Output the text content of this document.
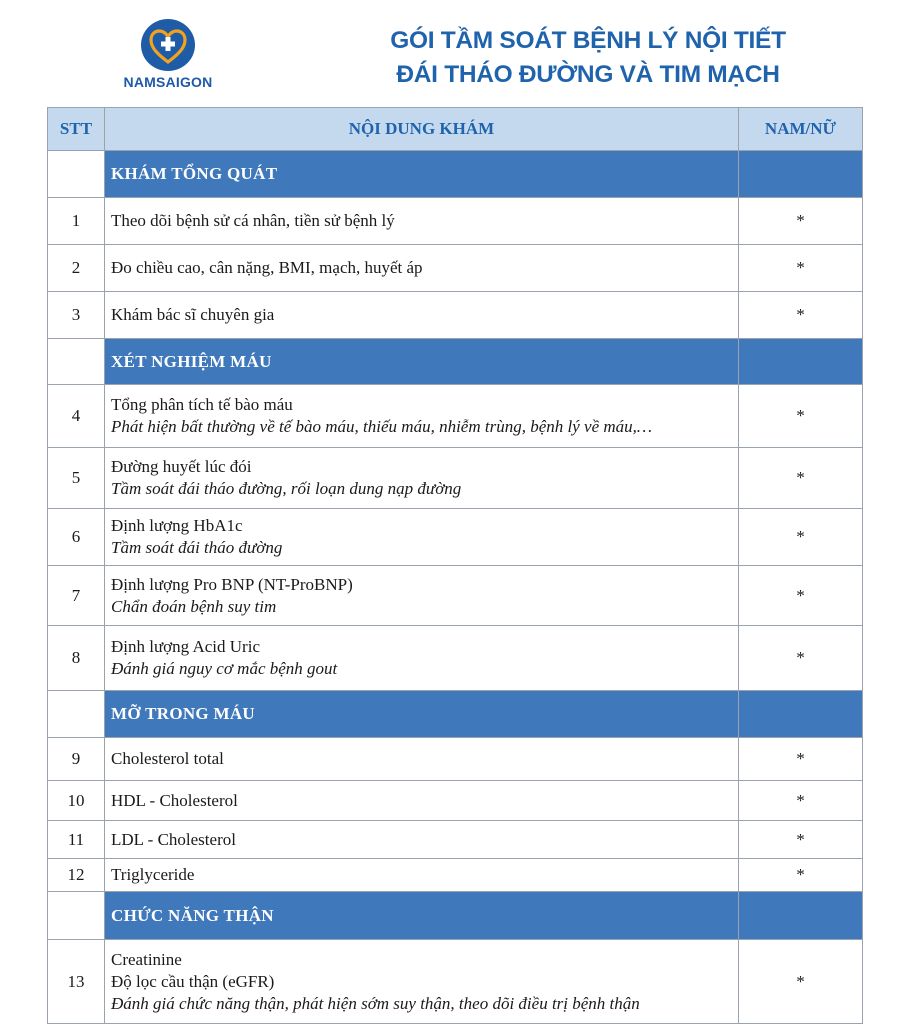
NAMSAIGON
GÓI TẦM SOÁT BỆNH LÝ NỘI TIẾT
ĐÁI THÁO ĐƯỜNG VÀ TIM MẠCH
STT	NỘI DUNG KHÁM	NAM/NỮ
	KHÁM TỔNG QUÁT	
1	Theo dõi bệnh sử cá nhân, tiền sử bệnh lý	*
2	Đo chiều cao, cân nặng, BMI, mạch, huyết áp	*
3	Khám bác sĩ chuyên gia	*
	XÉT NGHIỆM MÁU	
4	Tổng phân tích tế bào máu
Phát hiện bất thường về tế bào máu, thiếu máu, nhiễm trùng, bệnh lý về máu,…	*
5	Đường huyết lúc đói
Tầm soát đái tháo đường, rối loạn dung nạp đường	*
6	Định lượng HbA1c
Tầm soát đái tháo đường	*
7	Định lượng Pro BNP (NT-ProBNP)
Chẩn đoán bệnh suy tim	*
8	Định lượng Acid Uric
Đánh giá nguy cơ mắc bệnh gout	*
	MỠ TRONG MÁU	
9	Cholesterol total	*
10	HDL - Cholesterol	*
11	LDL - Cholesterol	*
12	Triglyceride	*
	CHỨC NĂNG THẬN	
13	Creatinine
Độ lọc cầu thận (eGFR)
Đánh giá chức năng thận, phát hiện sớm suy thận, theo dõi điều trị bệnh thận	*
